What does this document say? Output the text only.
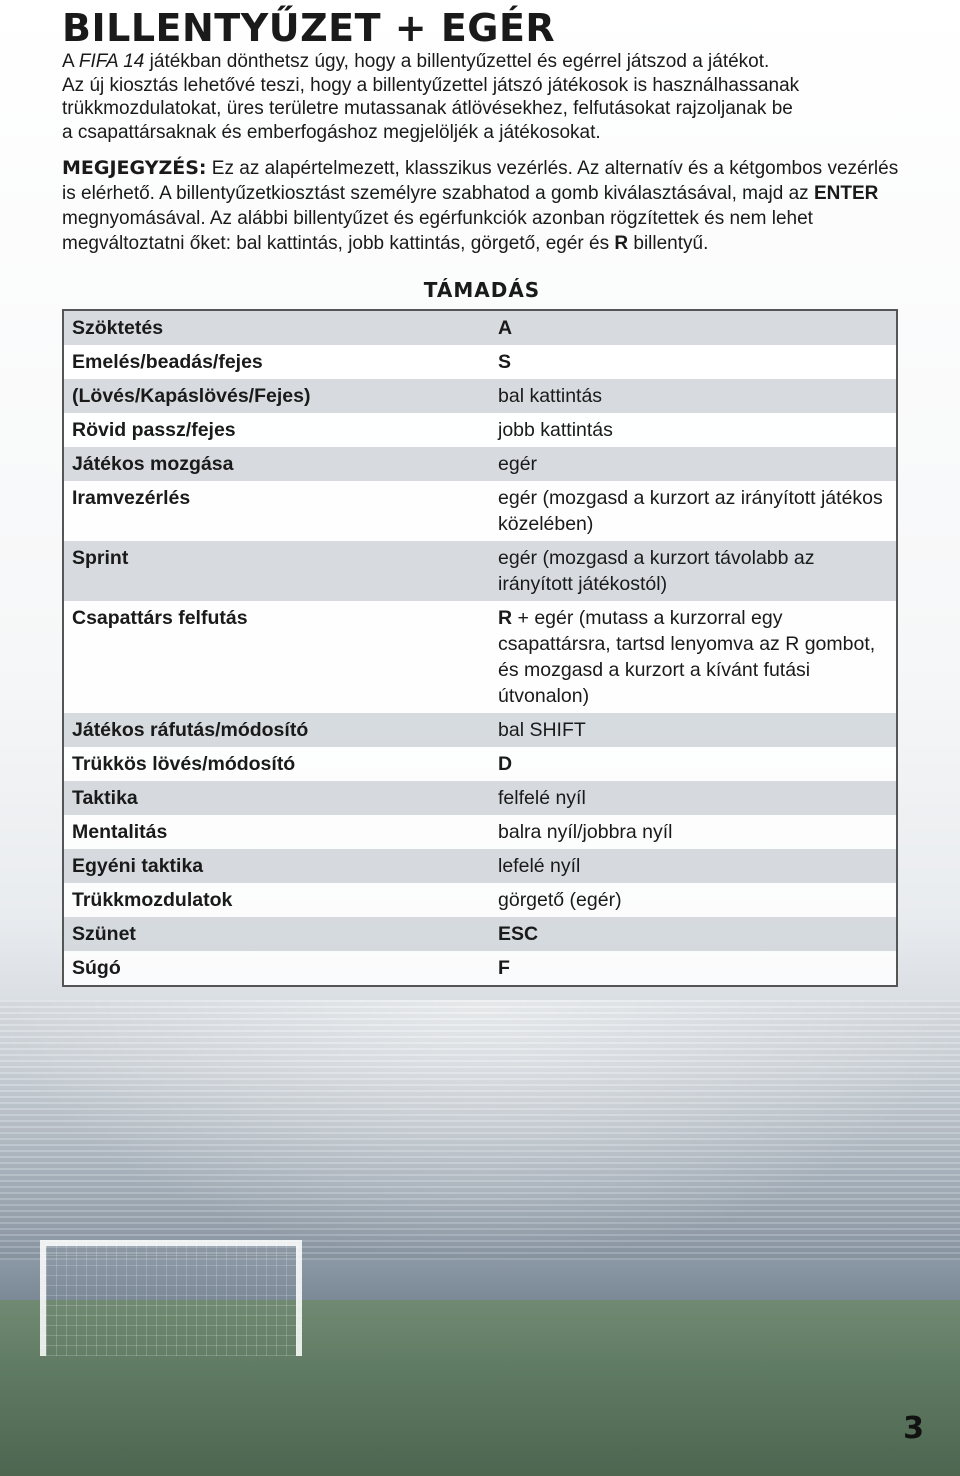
BILLENTYŰZET + EGÉR

A FIFA 14 játékban dönthetsz úgy, hogy a billentyűzettel és egérrel játszod a játékot.

Az új kiosztás lehetővé teszi, hogy a billentyűzettel játszó játékosok is használhassanak

trükkmozdulatokat, üres területre mutassanak átlövésekhez, felfutásokat rajzoljanak be

a csapattársaknak és emberfogáshoz megjelöljék a játékosokat.

MEGJEGYZÉS: Ez az alapértelmezett, klasszikus vezérlés. Az alternatív és a kétgombos vezérlés is elérhető. A billentyűzetkiosztást személyre szabhatod a gomb kiválasztásával, majd az ENTER megnyomásával. Az alábbi billentyűzet és egérfunkciók azonban rögzítettek és nem lehet megváltoztatni őket: bal kattintás, jobb kattintás, görgető, egér és R billentyű.
TÁMADÁS
Szöktetés	A
Emelés/beadás/fejes	S
(Lövés/Kapáslövés/Fejes)	bal kattintás
Rövid passz/fejes	jobb kattintás
Játékos mozgása	egér
Iramvezérlés	egér (mozgasd a kurzort az irányított játékos közelében)
Sprint	egér (mozgasd a kurzort távolabb az irányított játékostól)
Csapattárs felfutás	R + egér (mutass a kurzorral egy csapattársra, tartsd lenyomva az R gombot, és mozgasd a kurzort a kívánt futási útvonalon)
Játékos ráfutás/módosító	bal SHIFT
Trükkös lövés/módosító	D
Taktika	felfelé nyíl
Mentalitás	balra nyíl/jobbra nyíl
Egyéni taktika	lefelé nyíl
Trükkmozdulatok	görgető (egér)
Szünet	ESC
Súgó	F
3
